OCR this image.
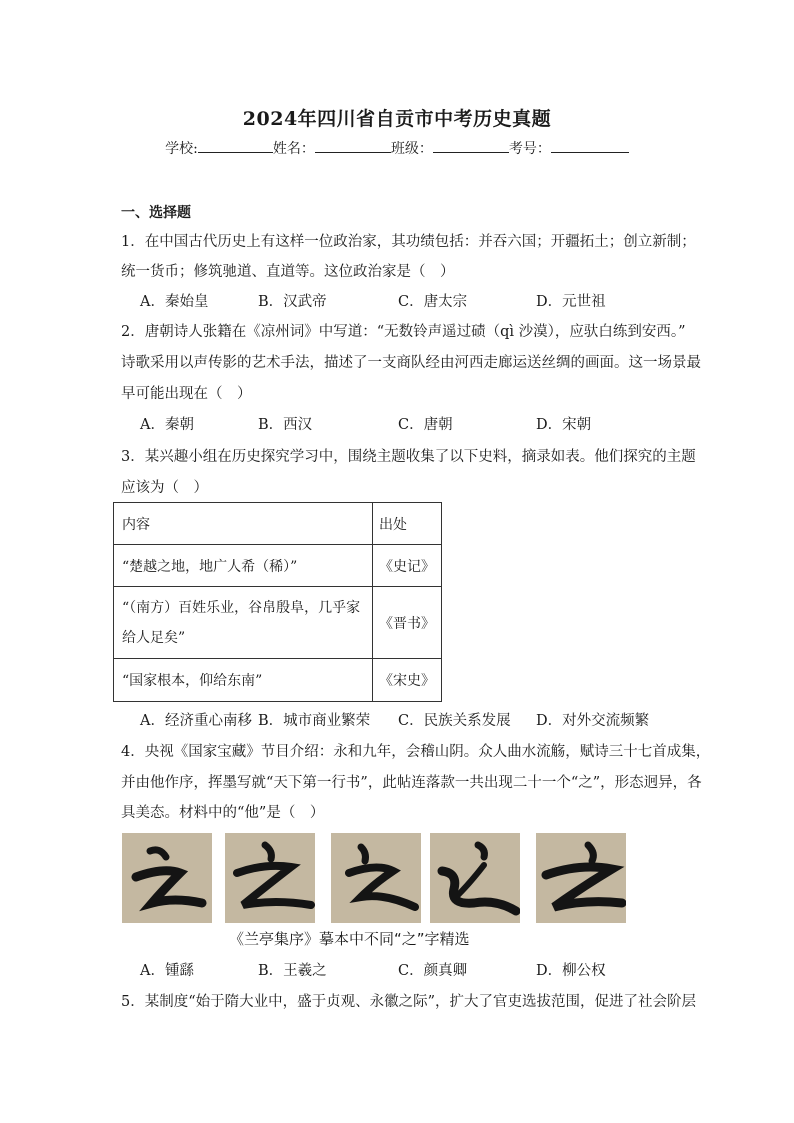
2024年四川省自贡市中考历史真题
学校:	姓名：	班级：	考号：
一、选择题
1．在中国古代历史上有这样一位政治家，其功绩包括：并吞六国；开疆拓土；创立新制；
统一货币；修筑驰道、直道等。这位政治家是（　）
A．秦始皇	B．汉武帝	C．唐太宗	D．元世祖
2．唐朝诗人张籍在《凉州词》中写道：“无数铃声遥过碛（qì 沙漠），应驮白练到安西。”
诗歌采用以声传影的艺术手法，描述了一支商队经由河西走廊运送丝绸的画面。这一场景最
早可能出现在（　）
A．秦朝	B．西汉	C．唐朝	D．宋朝
3．某兴趣小组在历史探究学习中，围绕主题收集了以下史料，摘录如表。他们探究的主题
应该为（　）
内容	出处
“楚越之地，地广人希（稀）”	《史记》

“（南方）百姓乐业，谷帛殷阜，几乎家
给人足矣”	《晋书》
“国家根本，仰给东南”	《宋史》
A．经济重心南移 B．城市商业繁荣 C．民族关系发展 D．对外交流频繁
4．央视《国家宝藏》节目介绍：永和九年，会稽山阴。众人曲水流觞，赋诗三十七首成集，
并由他作序，挥墨写就“天下第一行书”，此帖连落款一共出现二十一个“之”，形态迥异，各
具美态。材料中的“他”是（　）
《兰亭集序》摹本中不同“之”字精选
A．锺繇	B．王羲之	C．颜真卿	D．柳公权
5．某制度“始于隋大业中，盛于贞观、永徽之际”，扩大了官吏选拔范围，促进了社会阶层
